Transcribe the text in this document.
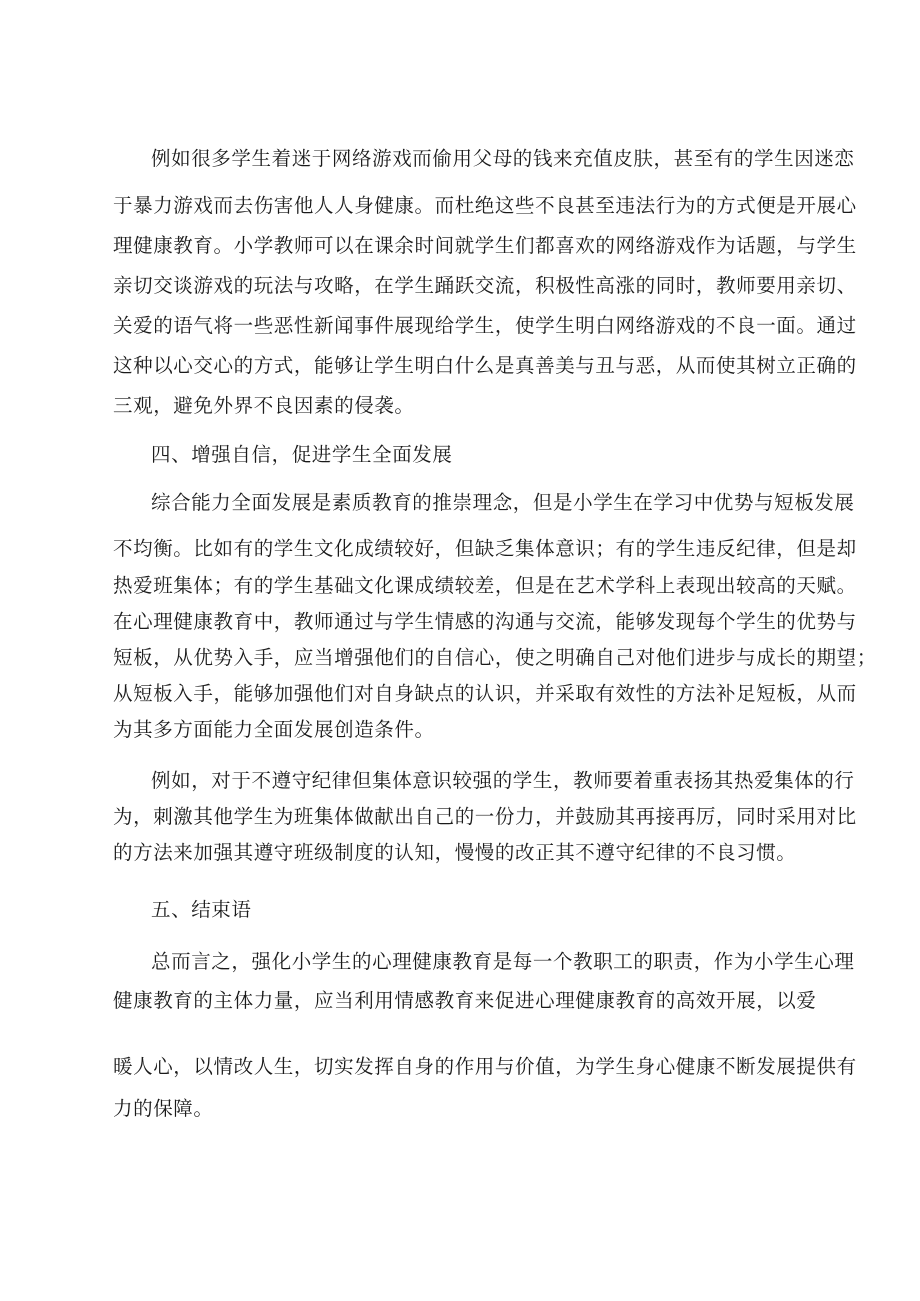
例如很多学生着迷于网络游戏而偷用父母的钱来充值皮肤，甚至有的学生因迷恋
于暴力游戏而去伤害他人人身健康。而杜绝这些不良甚至违法行为的方式便是开展心
理健康教育。小学教师可以在课余时间就学生们都喜欢的网络游戏作为话题，与学生
亲切交谈游戏的玩法与攻略，在学生踊跃交流，积极性高涨的同时，教师要用亲切、
关爱的语气将一些恶性新闻事件展现给学生，使学生明白网络游戏的不良一面。通过
这种以心交心的方式，能够让学生明白什么是真善美与丑与恶，从而使其树立正确的
三观，避免外界不良因素的侵袭。
四、增强自信，促进学生全面发展
综合能力全面发展是素质教育的推崇理念，但是小学生在学习中优势与短板发展
不均衡。比如有的学生文化成绩较好，但缺乏集体意识；有的学生违反纪律，但是却
热爱班集体；有的学生基础文化课成绩较差，但是在艺术学科上表现出较高的天赋。
在心理健康教育中，教师通过与学生情感的沟通与交流，能够发现每个学生的优势与
短板，从优势入手，应当增强他们的自信心，使之明确自己对他们进步与成长的期望；
从短板入手，能够加强他们对自身缺点的认识，并采取有效性的方法补足短板，从而
为其多方面能力全面发展创造条件。
例如，对于不遵守纪律但集体意识较强的学生，教师要着重表扬其热爱集体的行
为，刺激其他学生为班集体做献出自己的一份力，并鼓励其再接再厉，同时采用对比
的方法来加强其遵守班级制度的认知，慢慢的改正其不遵守纪律的不良习惯。
五、结束语
总而言之，强化小学生的心理健康教育是每一个教职工的职责，作为小学生心理
健康教育的主体力量，应当利用情感教育来促进心理健康教育的高效开展，以爱
暖人心，以情改人生，切实发挥自身的作用与价值，为学生身心健康不断发展提供有
力的保障。
